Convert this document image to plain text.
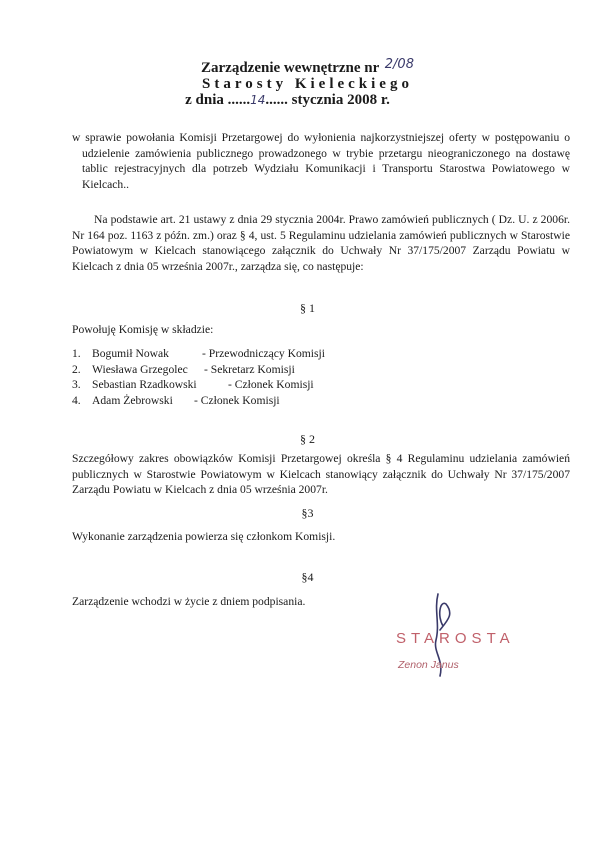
Zarządzenie wewnętrzne nr 2/08
Starosty Kieleckiego
z dnia ......14...... stycznia 2008 r.
w sprawie powołania Komisji Przetargowej do wyłonienia najkorzystniejszej oferty w postępowaniu o udzielenie zamówienia publicznego prowadzonego w trybie przetargu nieograniczonego na dostawę tablic rejestracyjnych dla potrzeb Wydziału Komunikacji i Transportu Starostwa Powiatowego w Kielcach..
Na podstawie art. 21 ustawy z dnia 29 stycznia 2004r. Prawo zamówień publicznych ( Dz. U. z 2006r. Nr 164 poz. 1163 z późn. zm.) oraz § 4, ust. 5 Regulaminu udzielania zamówień publicznych w Starostwie Powiatowym w Kielcach stanowiącego załącznik do Uchwały Nr 37/175/2007 Zarządu Powiatu w Kielcach z dnia 05 września 2007r., zarządza się, co następuje:
§ 1
Powołuję Komisję w składzie:
1. Bogumił Nowak	- Przewodniczący Komisji
2. Wiesława Grzegolec - Sekretarz Komisji
3. Sebastian Rzadkowski	- Członek Komisji
4. Adam Żebrowski - Członek Komisji
§ 2
Szczegółowy zakres obowiązków Komisji Przetargowej określa § 4 Regulaminu udzielania zamówień publicznych w Starostwie Powiatowym w Kielcach stanowiący załącznik do Uchwały Nr 37/175/2007 Zarządu Powiatu w Kielcach z dnia 05 września 2007r.
§3
Wykonanie zarządzenia powierza się członkom Komisji.
§4
Zarządzenie wchodzi w życie z dniem podpisania.
STAROSTA
Zenon Janus
